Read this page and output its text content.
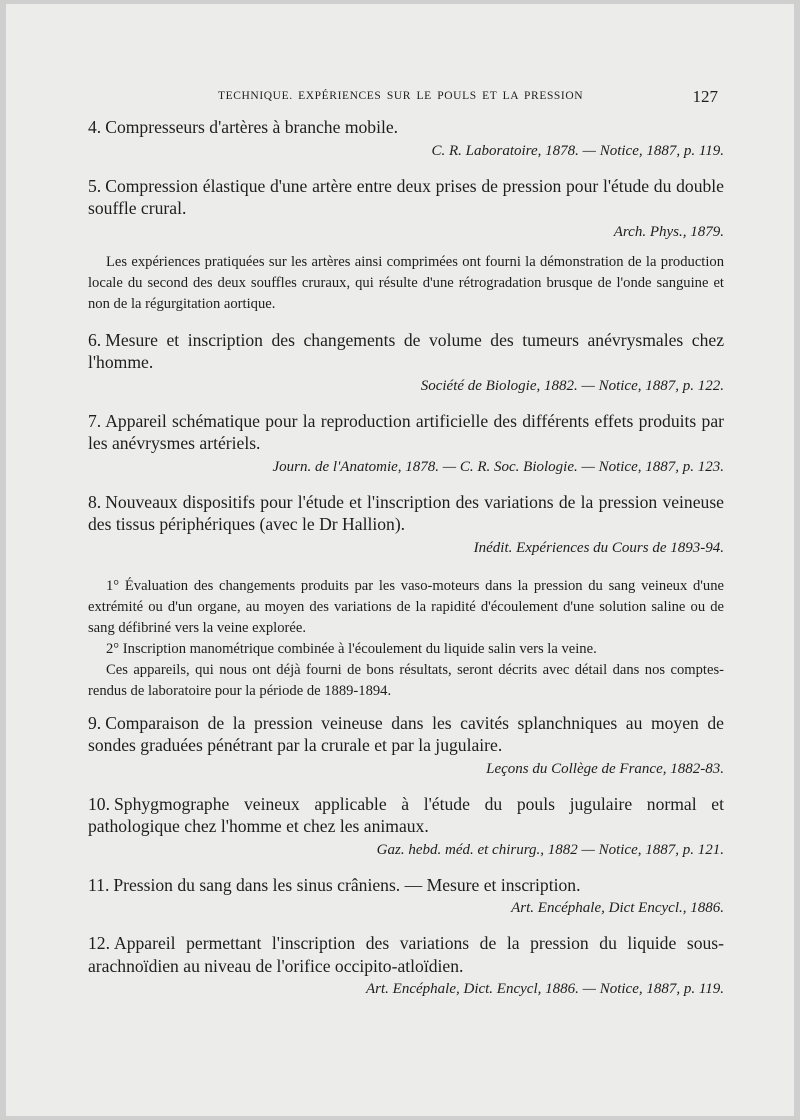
TECHNIQUE. EXPÉRIENCES SUR LE POULS ET LA PRESSION	127

4. Compresseurs d'artères à branche mobile.

C. R. Laboratoire, 1878. — Notice, 1887, p. 119.

5. Compression élastique d'une artère entre deux prises de pression pour l'étude du double souffle crural.

Arch. Phys., 1879.

Les expériences pratiquées sur les artères ainsi comprimées ont fourni la démonstration de la production locale du second des deux souffles cruraux, qui résulte d'une rétrogradation brusque de l'onde sanguine et non de la régurgitation aortique.

6. Mesure et inscription des changements de volume des tumeurs anévrysmales chez l'homme.

Société de Biologie, 1882. — Notice, 1887, p. 122.

7. Appareil schématique pour la reproduction artificielle des différents effets produits par les anévrysmes artériels.

Journ. de l'Anatomie, 1878. — C. R. Soc. Biologie. — Notice, 1887, p. 123.

8. Nouveaux dispositifs pour l'étude et l'inscription des variations de la pression veineuse des tissus périphériques (avec le Dr Hallion).

Inédit. Expériences du Cours de 1893-94.

1° Évaluation des changements produits par les vaso-moteurs dans la pression du sang veineux d'une extrémité ou d'un organe, au moyen des variations de la rapidité d'écoulement d'une solution saline ou de sang défibriné vers la veine explorée.

2° Inscription manométrique combinée à l'écoulement du liquide salin vers la veine.

Ces appareils, qui nous ont déjà fourni de bons résultats, seront décrits avec détail dans nos comptes-rendus de laboratoire pour la période de 1889-1894.

9. Comparaison de la pression veineuse dans les cavités splanchniques au moyen de sondes graduées pénétrant par la crurale et par la jugulaire.

Leçons du Collège de France, 1882-83.

10. Sphygmographe veineux applicable à l'étude du pouls jugulaire normal et pathologique chez l'homme et chez les animaux.

Gaz. hebd. méd. et chirurg., 1882 — Notice, 1887, p. 121.

11. Pression du sang dans les sinus crâniens. — Mesure et inscription.

Art. Encéphale, Dict Encycl., 1886.

12. Appareil permettant l'inscription des variations de la pression du liquide sous-arachnoïdien au niveau de l'orifice occipito-atloïdien.

Art. Encéphale, Dict. Encycl, 1886. — Notice, 1887, p. 119.
